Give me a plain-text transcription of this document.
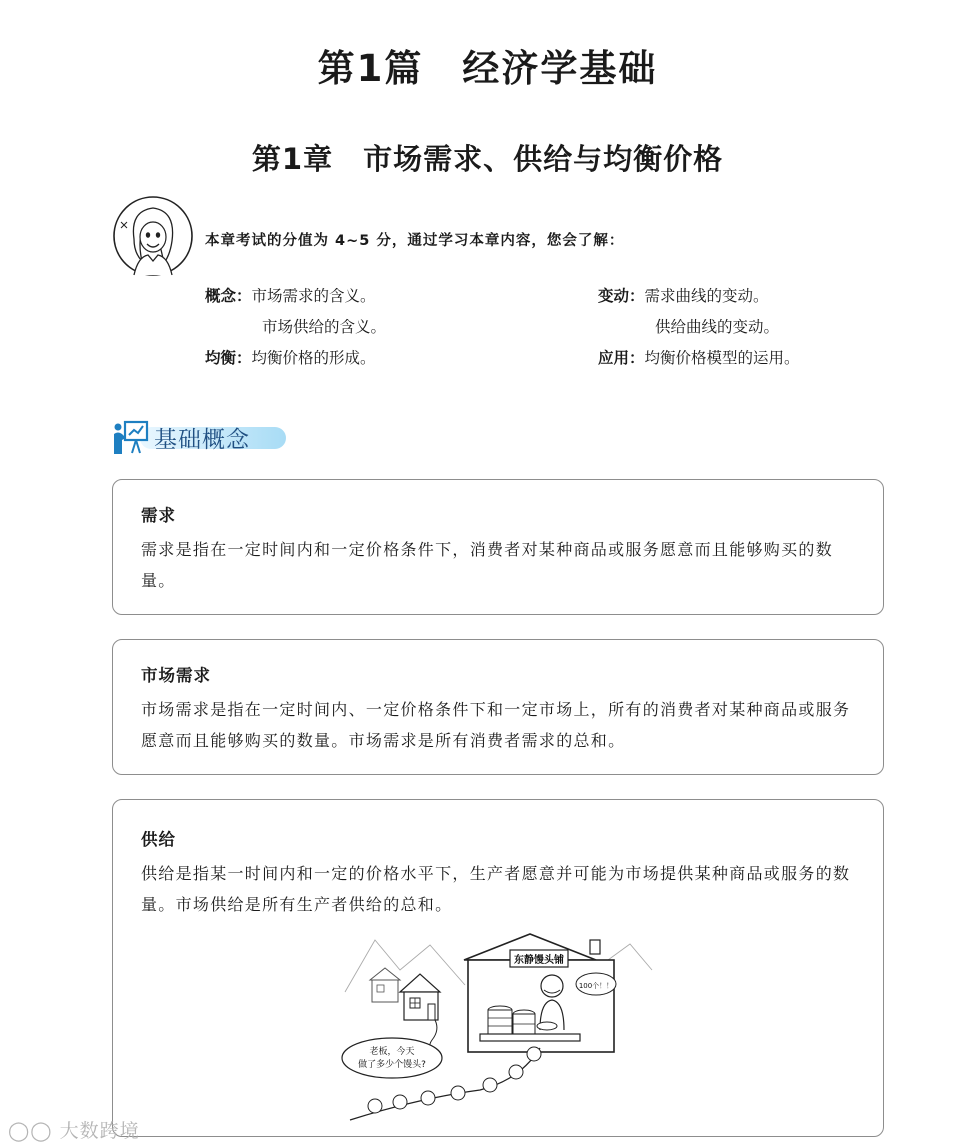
第1篇　经济学基础
第1章　市场需求、供给与均衡价格
本章考试的分值为 4~5 分，通过学习本章内容，您会了解：
概念：市场需求的含义。
市场供给的含义。
均衡：均衡价格的形成。
变动：需求曲线的变动。
供给曲线的变动。
应用：均衡价格模型的运用。
基础概念
需求
需求是指在一定时间内和一定价格条件下，消费者对某种商品或服务愿意而且能够购买的数量。
市场需求
市场需求是指在一定时间内、一定价格条件下和一定市场上，所有的消费者对某种商品或服务愿意而且能够购买的数量。市场需求是所有消费者需求的总和。
供给
供给是指某一时间内和一定的价格水平下，生产者愿意并可能为市场提供某种商品或服务的数量。市场供给是所有生产者供给的总和。
东静馒头铺
100个！！
老板，今天
做了多少个馒头?
◯◯ 大数跨境
